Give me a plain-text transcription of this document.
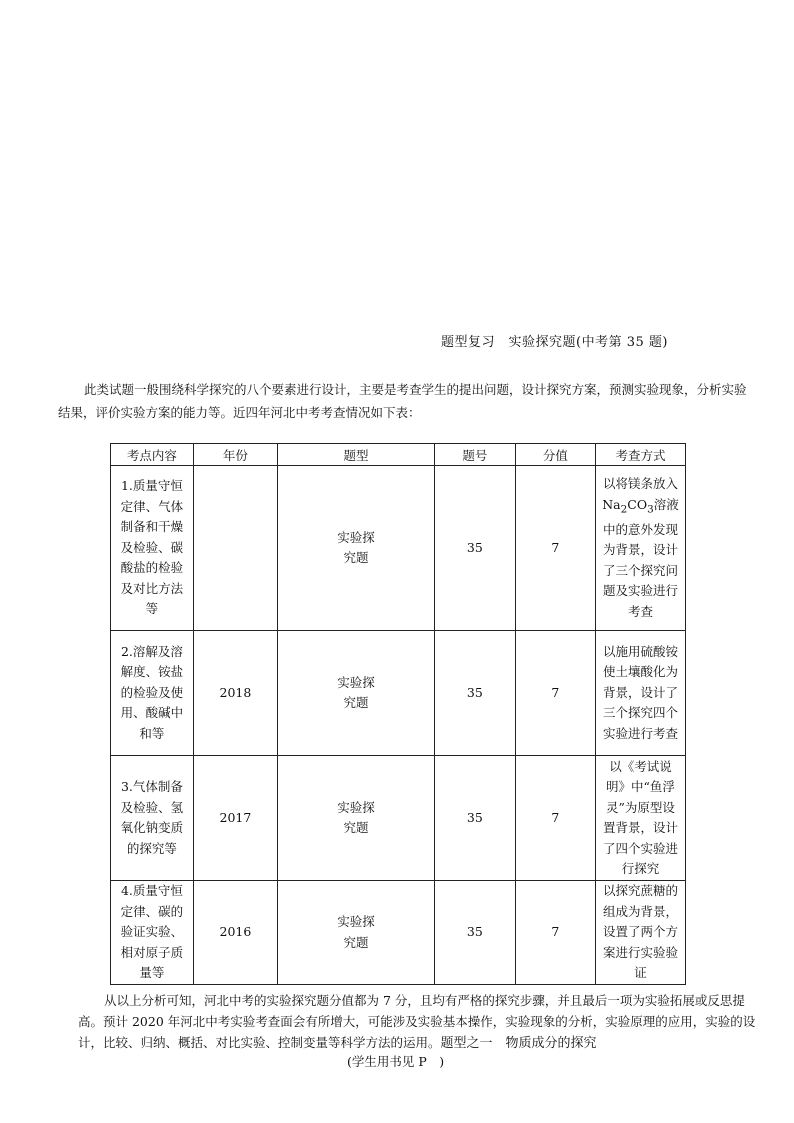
题型复习　实验探究题(中考第 35 题)

此类试题一般围绕科学探究的八个要素进行设计，主要是考查学生的提出问题，设计探究方案，预测实验现象，分析实验结果，评价实验方案的能力等。近四年河北中考考查情况如下表：

考点内容	年份	题型	题号	分值	考查方式
1.质量守恒定律、气体制备和干燥及检验、碳酸盐的检验及对比方法等		实验探究题	35	7	以将镁条放入$Na_2CO_3$溶液中的意外发现为背景，设计了三个探究问题及实验进行考查
2.溶解及溶解度、铵盐的检验及使用、酸碱中和等	2018	实验探究题	35	7	以施用硫酸铵使土壤酸化为背景，设计了三个探究四个实验进行考查
3.气体制备及检验、氢氧化钠变质的探究等	2017	实验探究题	35	7	以《考试说明》中“鱼浮灵”为原型设置背景，设计了四个实验进行探究
4.质量守恒定律、碳的验证实验、相对原子质量等	2016	实验探究题	35	7	以探究蔗糖的组成为背景，设置了两个方案进行实验验证

从以上分析可知，河北中考的实验探究题分值都为 7 分，且均有严格的探究步骤，并且最后一项为实验拓展或反思提高。预计 2020 年河北中考实验考查面会有所增大，可能涉及实验基本操作，实验现象的分析，实验原理的应用，实验的设计，比较、归纳、概括、对比实验、控制变量等科学方法的运用。题型之一　物质成分的探究

(学生用书见 P　)
